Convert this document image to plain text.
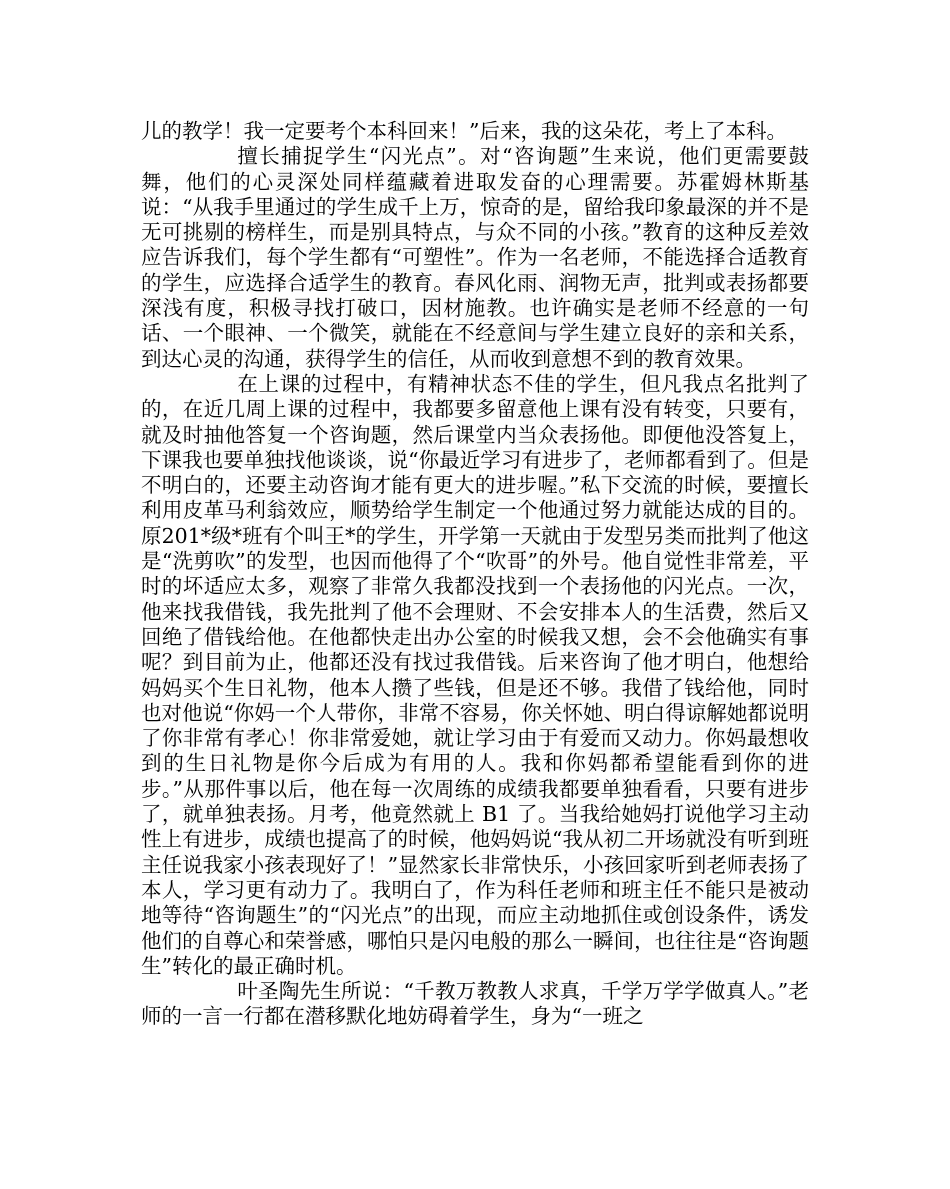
儿的教学！我一定要考个本科回来！”后来，我的这朵花，考上了本科。

擅长捕捉学生“闪光点”。对“咨询题”生来说，他们更需要鼓舞，他们的心灵深处同样蕴藏着进取发奋的心理需要。苏霍姆林斯基说：“从我手里通过的学生成千上万，惊奇的是，留给我印象最深的并不是无可挑剔的榜样生，而是别具特点，与众不同的小孩。”教育的这种反差效应告诉我们，每个学生都有“可塑性”。作为一名老师，不能选择合适教育的学生，应选择合适学生的教育。春风化雨、润物无声，批判或表扬都要深浅有度，积极寻找打破口，因材施教。也许确实是老师不经意的一句话、一个眼神、一个微笑，就能在不经意间与学生建立良好的亲和关系，到达心灵的沟通，获得学生的信任，从而收到意想不到的教育效果。

在上课的过程中，有精神状态不佳的学生，但凡我点名批判了的，在近几周上课的过程中，我都要多留意他上课有没有转变，只要有，就及时抽他答复一个咨询题，然后课堂内当众表扬他。即便他没答复上，下课我也要单独找他谈谈，说“你最近学习有进步了，老师都看到了。但是不明白的，还要主动咨询才能有更大的进步喔。”私下交流的时候，要擅长利用皮革马利翁效应，顺势给学生制定一个他通过努力就能达成的目的。原201*级*班有个叫王*的学生，开学第一天就由于发型另类而批判了他这是“洗剪吹”的发型，也因而他得了个“吹哥”的外号。他自觉性非常差，平时的坏适应太多，观察了非常久我都没找到一个表扬他的闪光点。一次，他来找我借钱，我先批判了他不会理财、不会安排本人的生活费，然后又回绝了借钱给他。在他都快走出办公室的时候我又想，会不会他确实有事呢？到目前为止，他都还没有找过我借钱。后来咨询了他才明白，他想给妈妈买个生日礼物，他本人攒了些钱，但是还不够。我借了钱给他，同时也对他说“你妈一个人带你，非常不容易，你关怀她、明白得谅解她都说明了你非常有孝心！你非常爱她，就让学习由于有爱而又动力。你妈最想收到的生日礼物是你今后成为有用的人。我和你妈都希望能看到你的进步。”从那件事以后，他在每一次周练的成绩我都要单独看看，只要有进步了，就单独表扬。月考，他竟然就上 B1 了。当我给她妈打说他学习主动性上有进步，成绩也提高了的时候，他妈妈说“我从初二开场就没有听到班主任说我家小孩表现好了！”显然家长非常快乐，小孩回家听到老师表扬了本人，学习更有动力了。我明白了，作为科任老师和班主任不能只是被动地等待“咨询题生”的“闪光点”的出现，而应主动地抓住或创设条件，诱发他们的自尊心和荣誉感，哪怕只是闪电般的那么一瞬间，也往往是“咨询题生”转化的最正确时机。

叶圣陶先生所说：“千教万教教人求真，千学万学学做真人。”老师的一言一行都在潜移默化地妨碍着学生，身为“一班之
